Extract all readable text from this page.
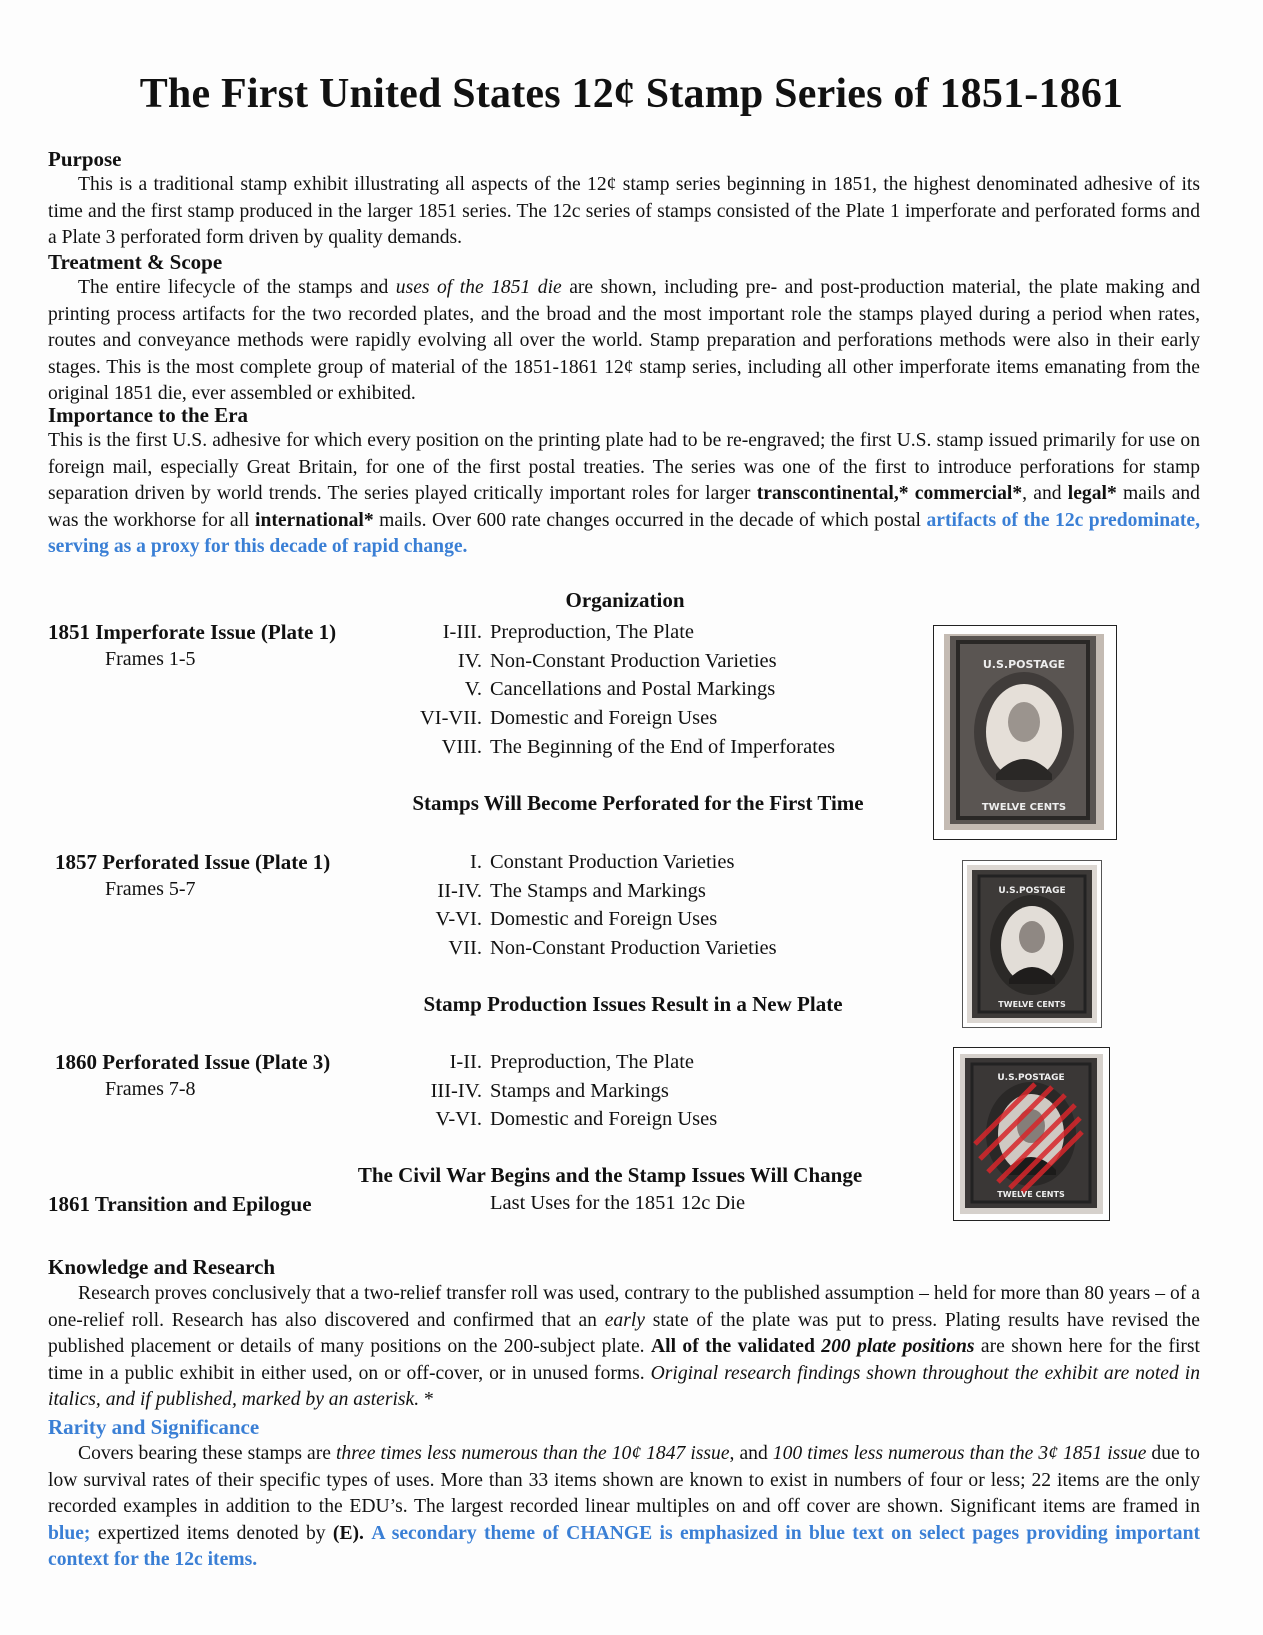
The First United States 12¢ Stamp Series of 1851-1861
Purpose

This is a traditional stamp exhibit illustrating all aspects of the 12¢ stamp series beginning in 1851, the highest denominated adhesive of its time and the first stamp produced in the larger 1851 series. The 12c series of stamps consisted of the Plate 1 imperforate and perforated forms and a Plate 3 perforated form driven by quality demands.

Treatment & Scope

The entire lifecycle of the stamps and uses of the 1851 die are shown, including pre- and post-production material, the plate making and printing process artifacts for the two recorded plates, and the broad and the most important role the stamps played during a period when rates, routes and conveyance methods were rapidly evolving all over the world. Stamp preparation and perforations methods were also in their early stages. This is the most complete group of material of the 1851-1861 12¢ stamp series, including all other imperforate items emanating from the original 1851 die, ever assembled or exhibited.

Importance to the Era

This is the first U.S. adhesive for which every position on the printing plate had to be re-engraved; the first U.S. stamp issued primarily for use on foreign mail, especially Great Britain, for one of the first postal treaties. The series was one of the first to introduce perforations for stamp separation driven by world trends. The series played critically important roles for larger transcontinental,* commercial*, and legal* mails and was the workhorse for all international* mails. Over 600 rate changes occurred in the decade of which postal artifacts of the 12c predominate, serving as a proxy for this decade of rapid change.

Organization
1851 Imperforate Issue (Plate 1)
Frames 1-5
I-III. Preproduction, The Plate
IV. Non-Constant Production Varieties
V. Cancellations and Postal Markings
VI-VII. Domestic and Foreign Uses
VIII. The Beginning of the End of Imperforates
Stamps Will Become Perforated for the First Time
1857 Perforated Issue (Plate 1)
Frames 5-7
I. Constant Production Varieties
II-IV. The Stamps and Markings
V-VI. Domestic and Foreign Uses
VII. Non-Constant Production Varieties
Stamp Production Issues Result in a New Plate
1860 Perforated Issue (Plate 3)
Frames 7-8
I-II. Preproduction, The Plate
III-IV. Stamps and Markings
V-VI. Domestic and Foreign Uses
The Civil War Begins and the Stamp Issues Will Change
1861 Transition and Epilogue	Last Uses for the 1851 12c Die
U.S.POSTAGE
TWELVE CENTS
U.S.POSTAGE
TWELVE CENTS
U.S.POSTAGE
TWELVE CENTS
Knowledge and Research

Research proves conclusively that a two-relief transfer roll was used, contrary to the published assumption – held for more than 80 years – of a one-relief roll. Research has also discovered and confirmed that an early state of the plate was put to press. Plating results have revised the published placement or details of many positions on the 200-subject plate. All of the validated 200 plate positions are shown here for the first time in a public exhibit in either used, on or off-cover, or in unused forms. Original research findings shown throughout the exhibit are noted in italics, and if published, marked by an asterisk. *

Rarity and Significance

Covers bearing these stamps are three times less numerous than the 10¢ 1847 issue, and 100 times less numerous than the 3¢ 1851 issue due to low survival rates of their specific types of uses. More than 33 items shown are known to exist in numbers of four or less; 22 items are the only recorded examples in addition to the EDU’s. The largest recorded linear multiples on and off cover are shown. Significant items are framed in blue; expertized items denoted by (E). A secondary theme of CHANGE is emphasized in blue text on select pages providing important context for the 12c items.
